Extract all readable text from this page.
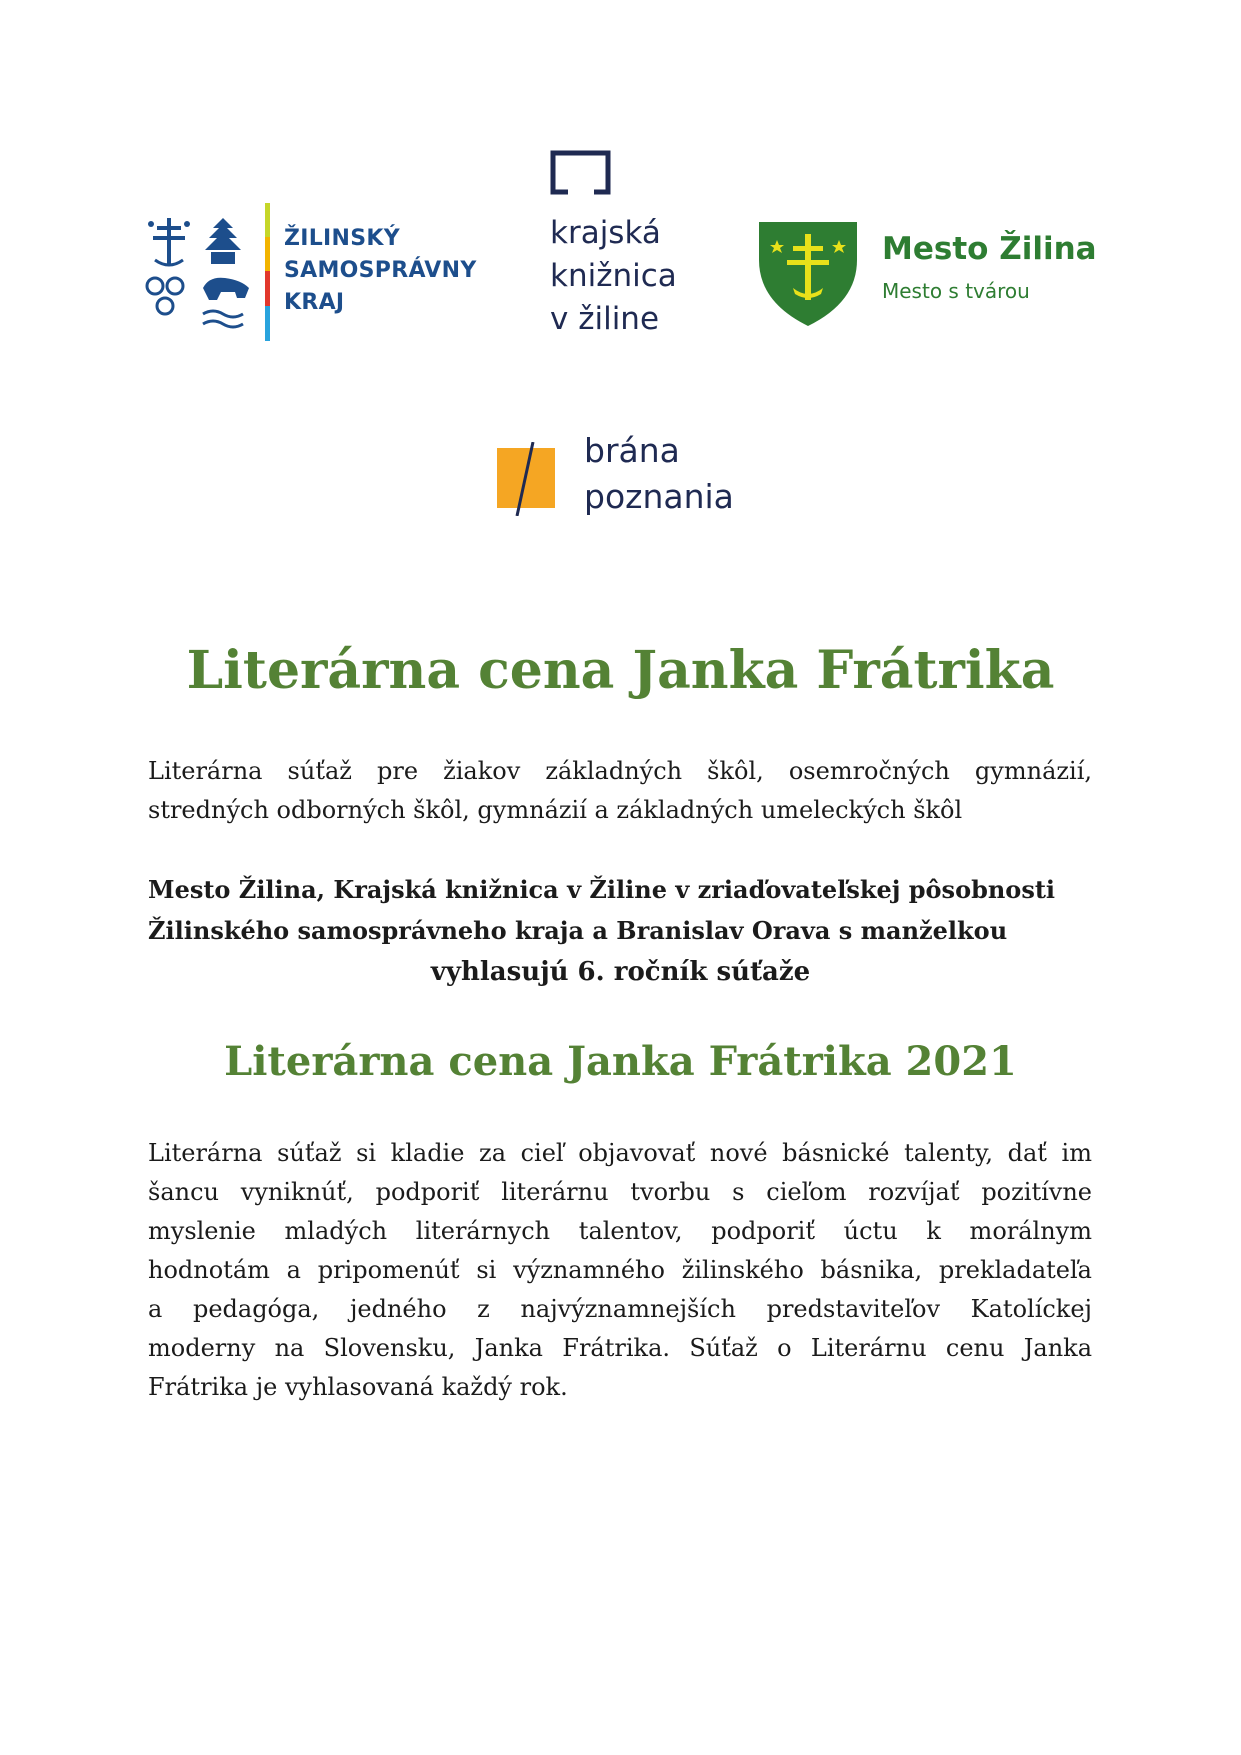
ŽILINSKÝ
SAMOSPRÁVNY
KRAJ
krajská
knižnica
v žiline
Mesto Žilina
Mesto s tvárou
brána
poznania
Literárna cena Janka Frátrika
Literárna súťaž pre žiakov základných škôl, osemročných gymnázií,
stredných odborných škôl, gymnázií a základných umeleckých škôl
Mesto Žilina, Krajská knižnica v Žiline v zriaďovateľskej pôsobnosti
Žilinského samosprávneho kraja a Branislav Orava s manželkou
vyhlasujú 6. ročník súťaže
Literárna cena Janka Frátrika 2021
Literárna súťaž si kladie za cieľ objavovať nové básnické talenty, dať im
šancu vyniknúť, podporiť literárnu tvorbu s cieľom rozvíjať pozitívne
myslenie mladých literárnych talentov, podporiť úctu k morálnym
hodnotám a pripomenúť si významného žilinského básnika, prekladateľa
a pedagóga, jedného z najvýznamnejších predstaviteľov Katolíckej
moderny na Slovensku, Janka Frátrika. Súťaž o Literárnu cenu Janka
Frátrika je vyhlasovaná každý rok.
